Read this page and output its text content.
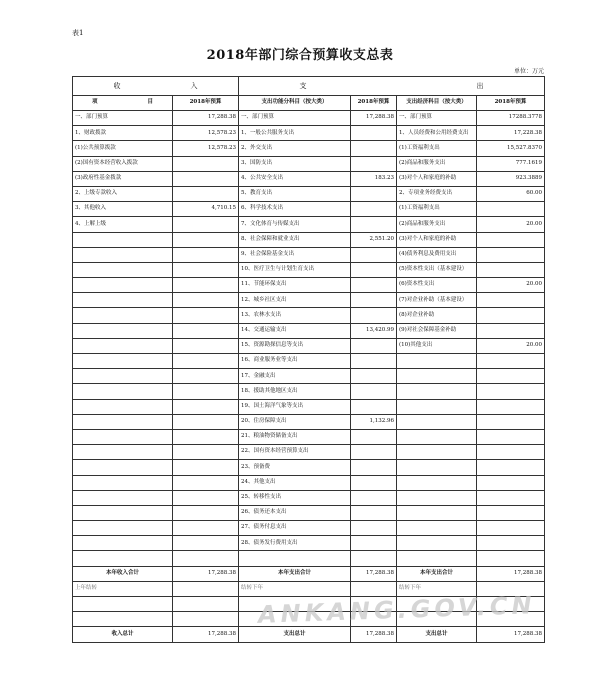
表1
2018年部门综合预算收支总表
单位：万元
收 入		支 出			
项 目	2018年预算	支出功能分科目（按大类）	2018年预算	支出经济科目（按大类）	2018年预算
一、部门预算	17,288.38	一、部门预算	17,288.38	一、部门预算	17288.3778
1、财政拨款	12,578.23	1、一般公共服务支出		1、人员经费和公用经费支出	17,228.38
(1)公共预算拨款	12,578.23	2、外交支出		(1)工资福利支出	15,527.8370
(2)国有资本经营收入拨款		3、国防支出		(2)商品和服务支出	777.1619
(3)政府性基金拨款		4、公共安全支出	183.23	(3)对个人和家庭的补助	923.3889
2、上级专款收入		5、教育支出		2、专项业务经费支出	60.00
3、其他收入	4,710.15	6、科学技术支出		(1)工资福利支出	
4、上解上级		7、文化体育与传媒支出		(2)商品和服务支出	20.00
		8、社会保障和就业支出	2,551.20	(3)对个人和家庭的补助	
		9、社会保险基金支出		(4)债务利息及费用支出	
		10、医疗卫生与计划生育支出		(5)资本性支出（基本建设）	
		11、节能环保支出		(6)资本性支出	20.00
		12、城乡社区支出		(7)对企业补助（基本建设）	
		13、农林水支出		(8)对企业补助	
		14、交通运输支出	13,420.99	(9)对社会保障基金补助	
		15、资源勘探信息等支出		(10)其他支出	20.00
		16、商业服务业等支出			
		17、金融支出			
		18、援助其他地区支出			
		19、国土海洋气象等支出			
		20、住房保障支出	1,132.96		
		21、粮油物资储备支出			
		22、国有资本经营预算支出			
		23、预备费			
		24、其他支出			
		25、转移性支出			
		26、债务还本支出			
		27、债务付息支出			
		28、债务发行费用支出			

本年收入合计	17,288.38	本年支出合计	17,288.38	本年支出合计	17,288.38
上年结转		结转下年		结转下年	

收入总计	17,288.38	支出总计	17,288.38	支出总计	17,288.38
ANKANG.GOV.CN
